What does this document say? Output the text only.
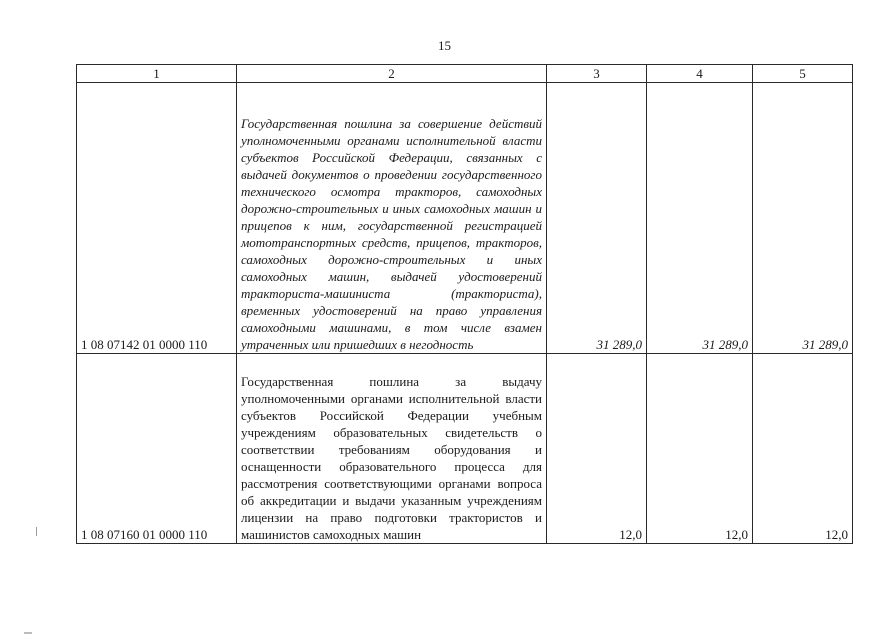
15
1	2	3	4	5
1 08 07142 01 0000 110	Государственная пошлина за совершение действий уполномоченными органами исполнительной власти субъектов Российской Федерации, связанных с выдачей документов о проведении государственного технического осмотра тракторов, самоходных дорожно-строительных и иных самоходных машин и прицепов к ним, государственной регистрацией мототранспортных средств, прицепов, тракторов, самоходных дорожно-строительных и иных самоходных машин, выдачей удостоверений тракториста-машиниста (тракториста), временных удостоверений на право управления самоходными машинами, в том числе взамен утраченных или пришедших в негодность	31 289,0	31 289,0	31 289,0
1 08 07160 01 0000 110	Государственная пошлина за выдачу уполномоченными органами исполнительной власти субъектов Российской Федерации учебным учреждениям образовательных свидетельств о соответствии требованиям оборудования и оснащенности образовательного процесса для рассмотрения соответствующими органами вопроса об аккредитации и выдачи указанным учреждениям лицензии на право подготовки трактористов и машинистов самоходных машин	12,0	12,0	12,0
